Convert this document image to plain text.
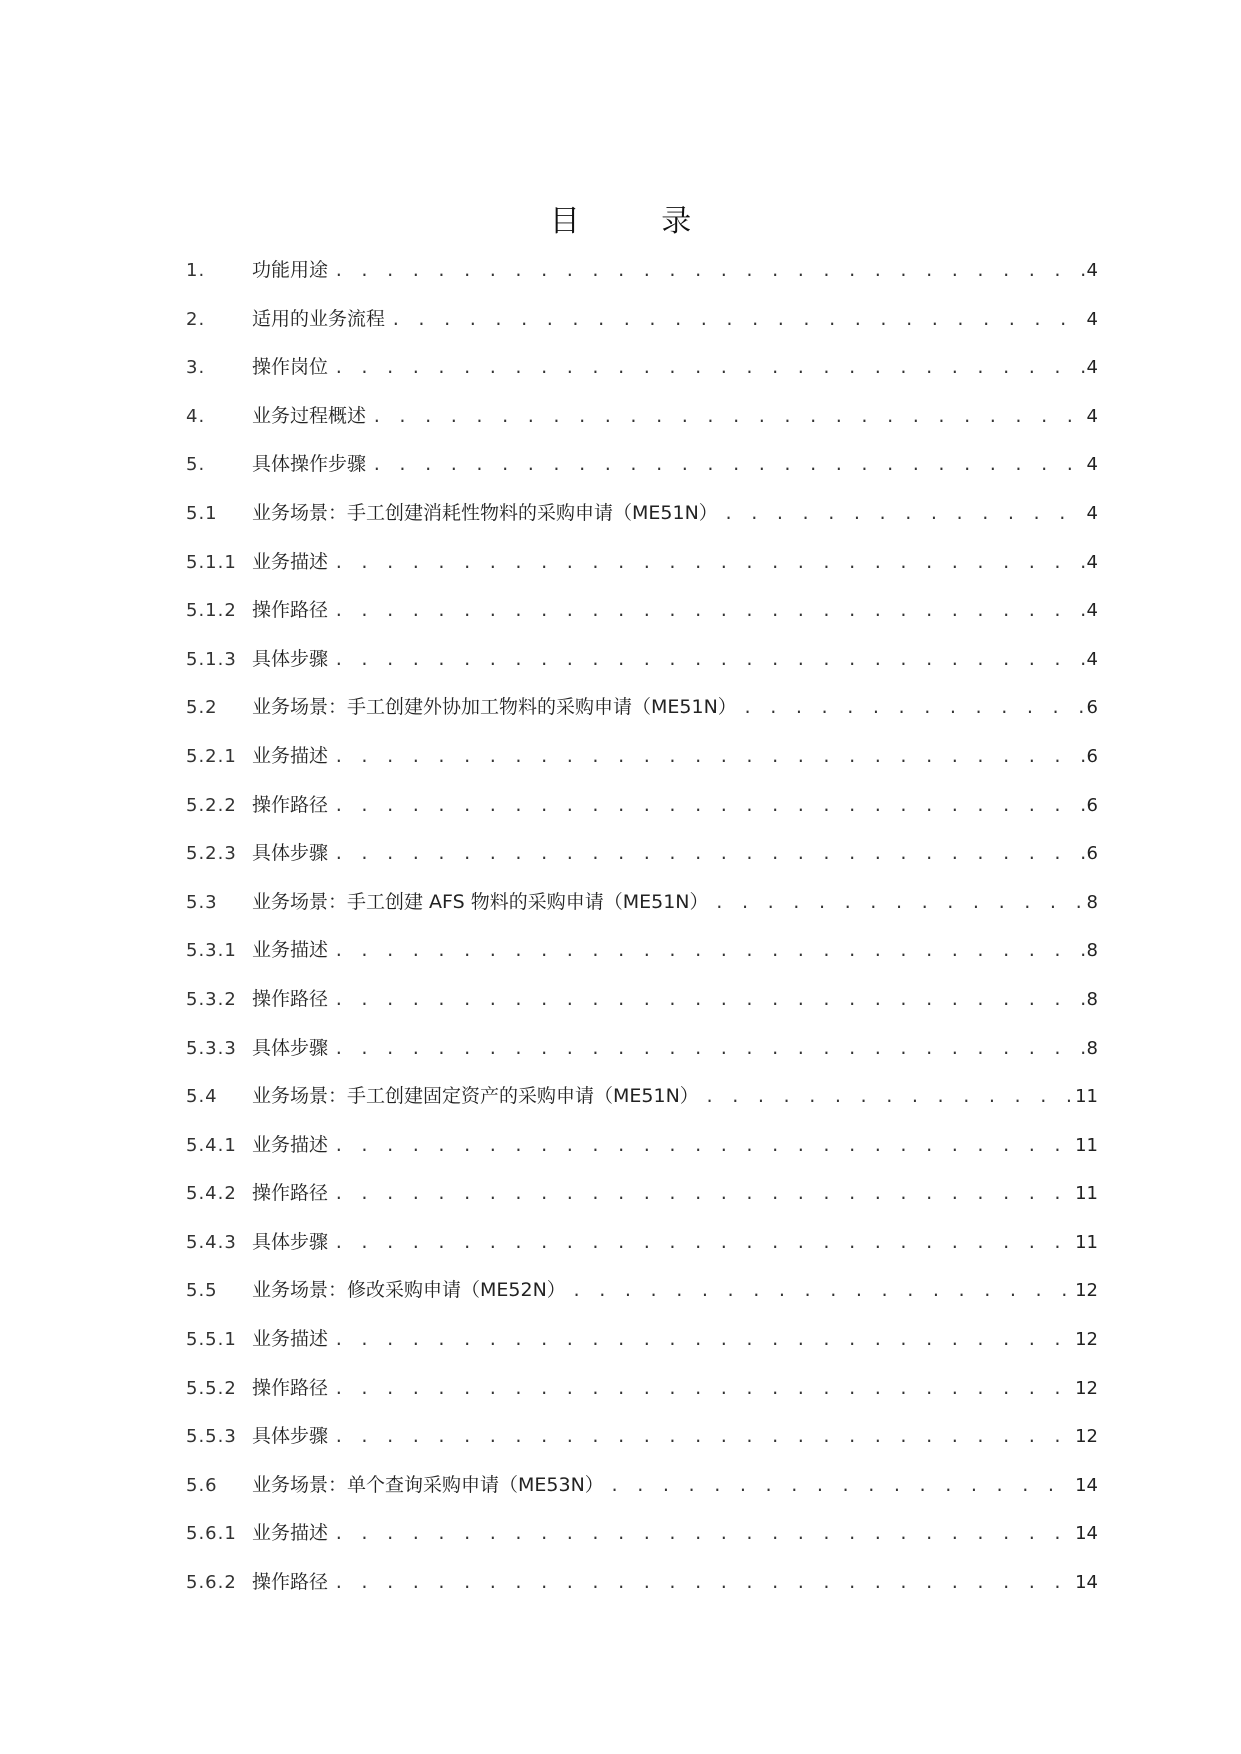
目 录
1.	功能用途 . . .	4
2.	适用的业务流程 . . .	4
3.	操作岗位 . . .	4
4.	业务过程概述 . . .	4
5.	具体操作步骤 . . .	4
5.1	业务场景：手工创建消耗性物料的采购申请（ME51N） . . .	4
5.1.1 业务描述 . . .	4
5.1.2 操作路径 . . .	4
5.1.3 具体步骤 . . .	4
5.2	业务场景：手工创建外协加工物料的采购申请（ME51N） . . .	6
5.2.1 业务描述 . . .	6
5.2.2 操作路径 . . .	6
5.2.3 具体步骤 . . .	6
5.3	业务场景：手工创建 AFS 物料的采购申请（ME51N） . . .	8
5.3.1 业务描述 . . .	8
5.3.2 操作路径 . . .	8
5.3.3 具体步骤 . . .	8
5.4	业务场景：手工创建固定资产的采购申请（ME51N） . . .	11
5.4.1 业务描述 . . .	11
5.4.2 操作路径 . . .	11
5.4.3 具体步骤 . . .	11
5.5	业务场景：修改采购申请（ME52N） . . .	12
5.5.1 业务描述 . . .	12
5.5.2 操作路径 . . .	12
5.5.3 具体步骤 . . .	12
5.6	业务场景：单个查询采购申请（ME53N） . . .	14
5.6.1 业务描述 . . .	14
5.6.2 操作路径 . . .	14
